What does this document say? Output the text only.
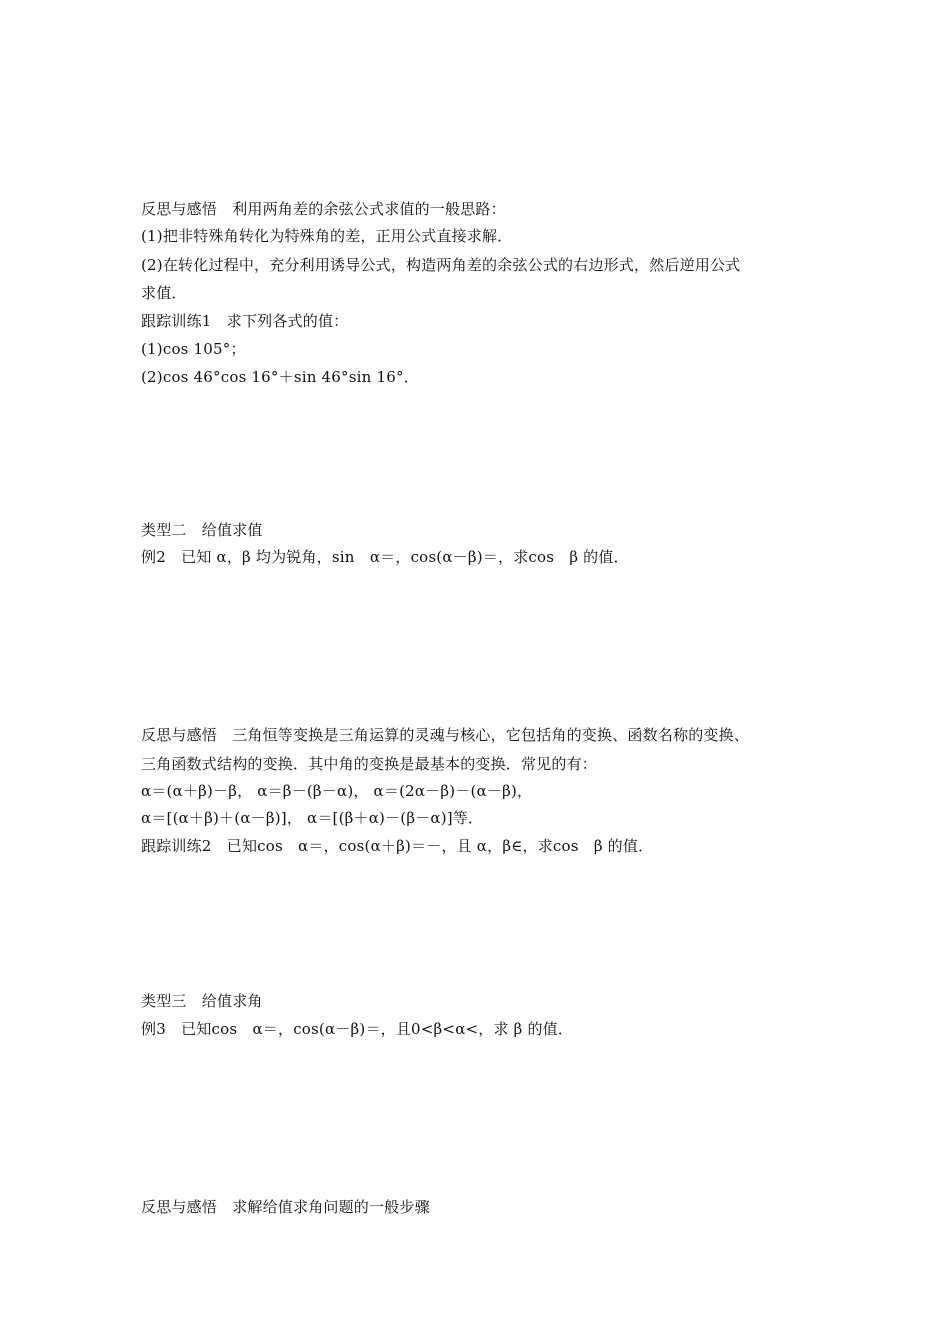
反思与感悟　利用两角差的余弦公式求值的一般思路：
(1)把非特殊角转化为特殊角的差，正用公式直接求解．
(2)在转化过程中，充分利用诱导公式，构造两角差的余弦公式的右边形式，然后逆用公式
求值．
跟踪训练1　求下列各式的值：
(1)cos 105°；
(2)cos 46°cos 16°＋sin 46°sin 16°．
类型二　给值求值
例2　已知 α，β 均为锐角，sin　α＝，cos(α－β)＝，求cos　β 的值．
反思与感悟　三角恒等变换是三角运算的灵魂与核心，它包括角的变换、函数名称的变换、
三角函数式结构的变换．其中角的变换是最基本的变换．常见的有：
α＝(α＋β)－β， α＝β－(β－α)， α＝(2α－β)－(α－β)，
α＝[(α＋β)＋(α－β)]， α＝[(β＋α)－(β－α)]等．
跟踪训练2　已知cos　α＝，cos(α＋β)＝－，且 α，β∈，求cos　β 的值．
类型三　给值求角
例3　已知cos　α＝，cos(α－β)＝，且0<β<α<，求 β 的值．
反思与感悟　求解给值求角问题的一般步骤
